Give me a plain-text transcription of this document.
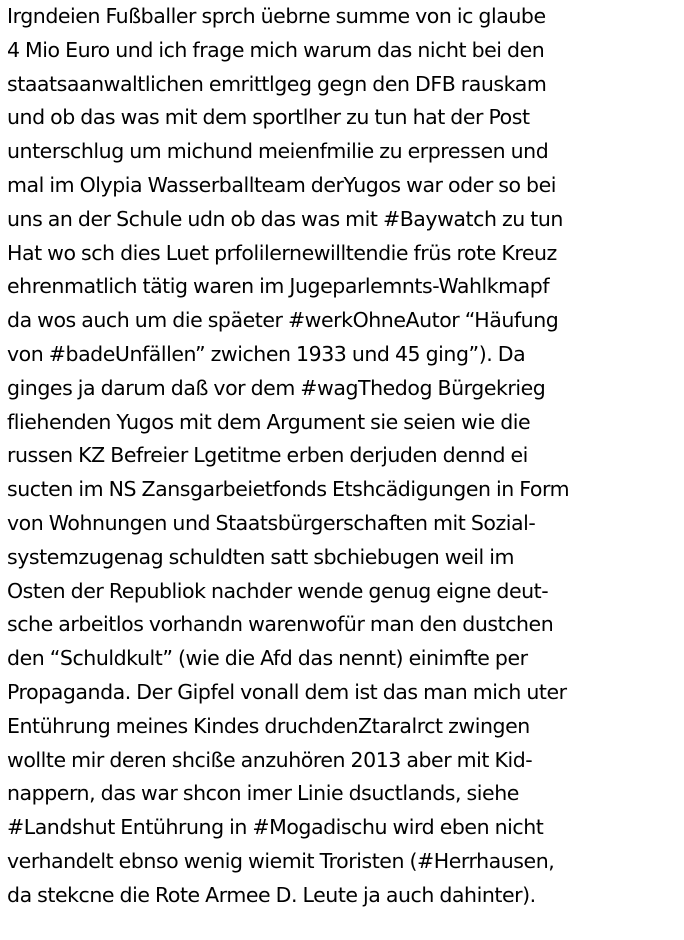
Irgndeien Fußballer sprch üebrne summe von ic glaube
4 Mio Euro und ich frage mich warum das nicht bei den
staatsaanwaltlichen emrittlgeg gegn den DFB rauskam
und ob das was mit dem sportlher zu tun hat der Post
unterschlug um michund meienfmilie zu erpressen und
mal im Olypia Wasserballteam derYugos war oder so bei
uns an der Schule udn ob das was mit #Baywatch zu tun
Hat wo sch dies Luet prfolilernewilltendie früs rote Kreuz
ehrenmatlich tätig waren im Jugeparlemnts-Wahlkmapf
da wos auch um die späeter #werkOhneAutor “Häufung
von #badeUnfällen” zwichen 1933 und 45 ging”). Da
ginges ja darum daß vor dem #wagThedog Bürgekrieg
fliehenden Yugos mit dem Argument sie seien wie die
russen KZ Befreier Lgetitme erben derjuden dennd ei
sucten im NS Zansgarbeietfonds Etshcädigungen in Form
von Wohnungen und Staatsbürgerschaften mit Sozial-
systemzugenag schuldten satt sbchiebugen weil im
Osten der Republiok nachder wende genug eigne deut-
sche arbeitlos vorhandn warenwofür man den dustchen
den “Schuldkult” (wie die Afd das nennt) einimfte per
Propaganda. Der Gipfel vonall dem ist das man mich uter
Entührung meines Kindes druchdenZtaralrct zwingen
wollte mir deren shciße anzuhören 2013 aber mit Kid-
nappern, das war shcon imer Linie dsuctlands, siehe
#Landshut Entührung in #Mogadischu wird eben nicht
verhandelt ebnso wenig wiemit Troristen (#Herrhausen,
da stekcne die Rote Armee D. Leute ja auch dahinter).
